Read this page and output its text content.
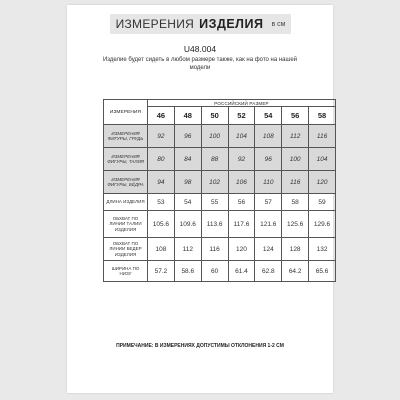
ИЗМЕРЕНИЯ ИЗДЕЛИЯ в см
U48.004
Изделие будет сидеть в любом размере также, как на фото на нашей модели
ИЗМЕРЕНИЯ	РОССИЙСКИЙ РАЗМЕР						
	46	48	50	52	54	56	58
ИЗМЕРЕНИЯ ФИГУРЫ, ГРУДЬ	92	96	100	104	108	112	116
ИЗМЕРЕНИЯ ФИГУРЫ, ТАЛИЯ	80	84	88	92	96	100	104
ИЗМЕРЕНИЯ ФИГУРЫ, БЁДРА	94	98	102	106	110	116	120
ДЛИНА ИЗДЕЛИЯ	53	54	55	56	57	58	59
ОБХВАТ ПО ЛИНИИ ТАЛИИ ИЗДЕЛИЯ	105.6	109.6	113.6	117.6	121.6	125.6	129.6
ОБХВАТ ПО ЛИНИИ БЕДЕР ИЗДЕЛИЯ	108	112	116	120	124	128	132
ШИРИНА ПО НИЗУ	57.2	58.6	60	61.4	62.8	64.2	65.6
ПРИМЕЧАНИЕ: В ИЗМЕРЕНИЯХ ДОПУСТИМЫ ОТКЛОНЕНИЯ 1-2 СМ
